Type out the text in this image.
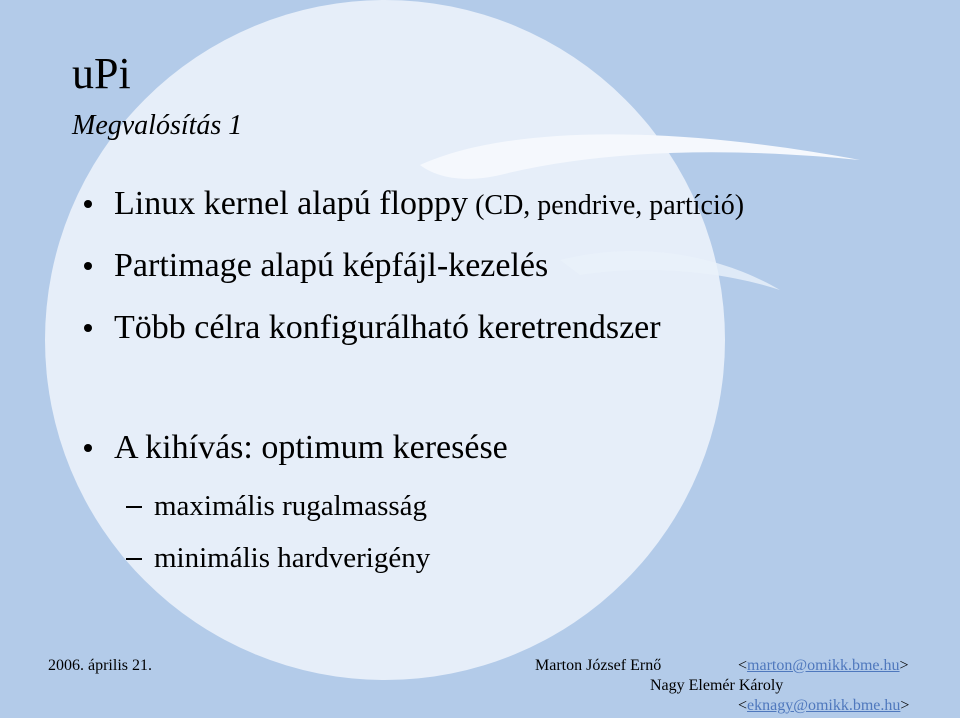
uPi
Megvalósítás 1
Linux kernel alapú floppy (CD, pendrive, partíció)
Partimage alapú képfájl-kezelés
Több célra konfigurálható keretrendszer
A kihívás: optimum keresése
maximális rugalmasság
minimális hardverigény
2006. április 21.	Marton József Ernő	<marton@omikk.bme.hu>
Nagy Elemér Károly
<eknagy@omikk.bme.hu>
